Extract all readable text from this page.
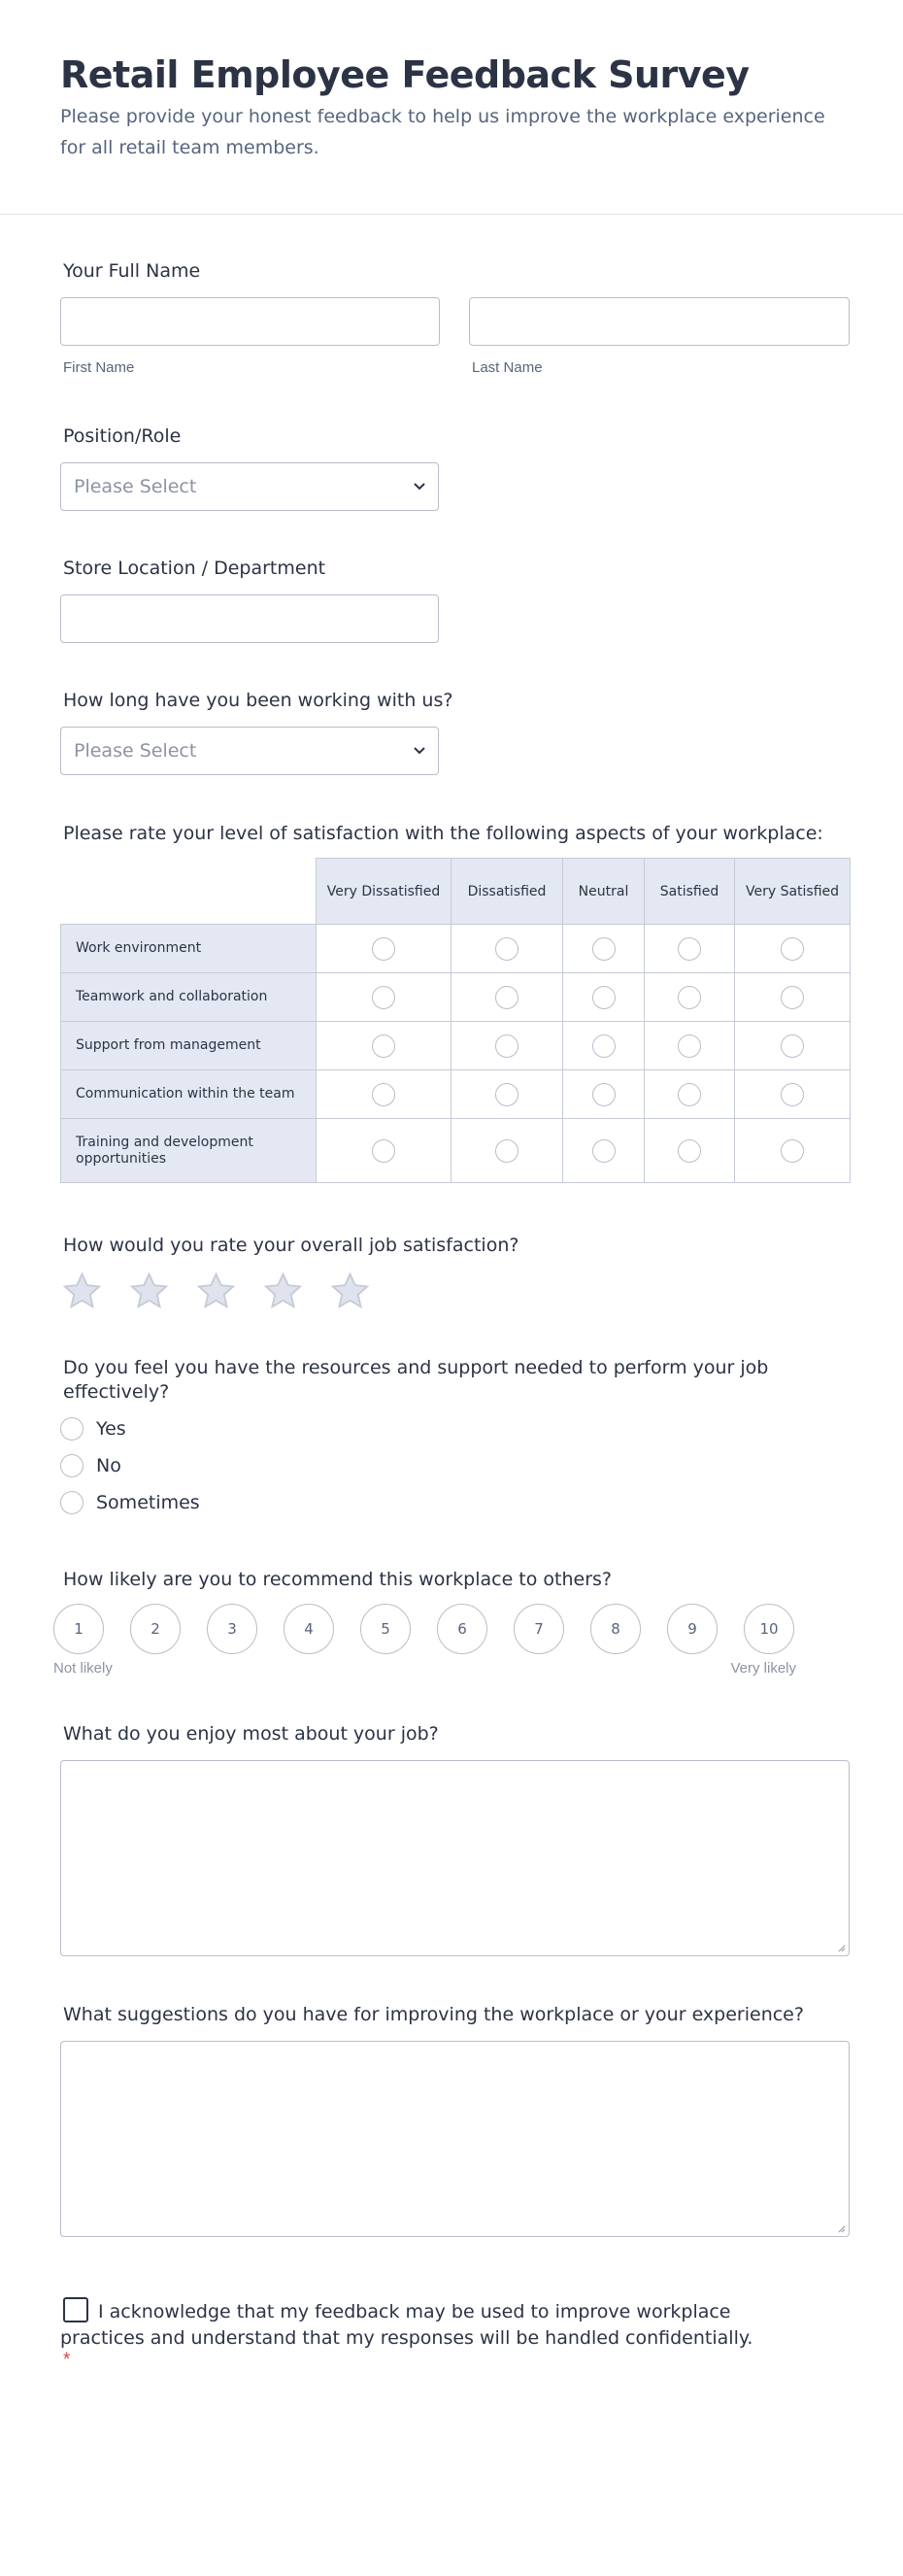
Retail Employee Feedback Survey

Please provide your honest feedback to help us improve the workplace experience for all retail team members.

Your Full Name
First Name	Last Name
Position/Role
Please Select
Store Location / Department
How long have you been working with us?
Please Select
Please rate your level of satisfaction with the following aspects of your workplace:
	Very Dissatisfied	Dissatisfied	Neutral	Satisfied	Very Satisfied
Work environment					
Teamwork and collaboration					
Support from management					
Communication within the team					
Training and development opportunities					
How would you rate your overall job satisfaction?
Do you feel you have the resources and support needed to perform your job effectively?
Yes
No
Sometimes
How likely are you to recommend this workplace to others?
1	2	3	4	5	6	7	8	9	10
Not likely	Very likely
What do you enjoy most about your job?
What suggestions do you have for improving the workplace or your experience?
I acknowledge that my feedback may be used to improve workplace practices and understand that my responses will be handled confidentially.
*
